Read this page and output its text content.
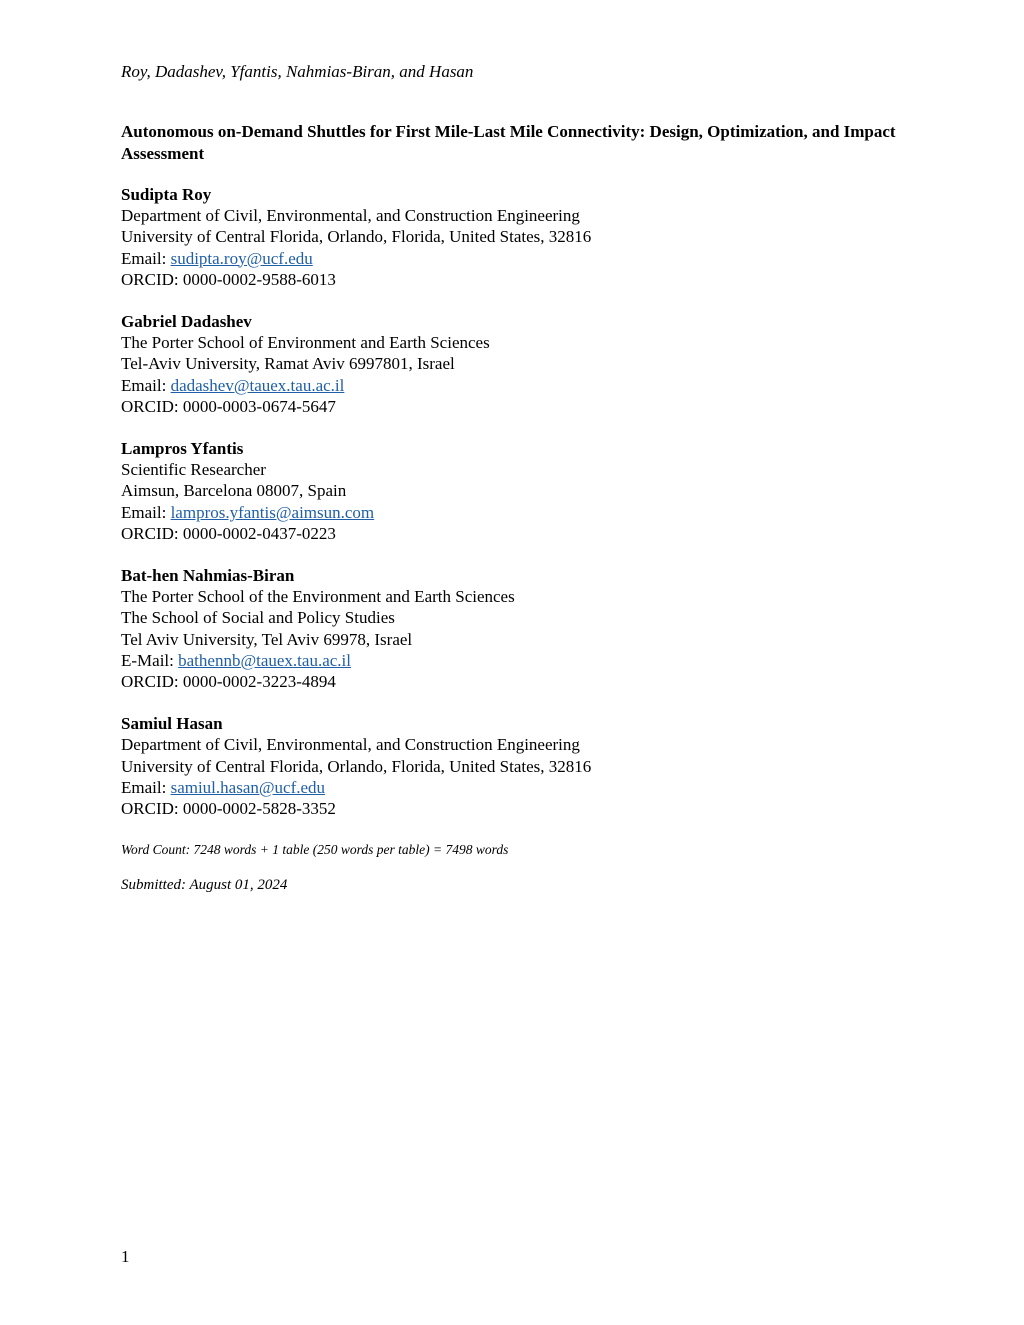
Roy, Dadashev, Yfantis, Nahmias-Biran, and Hasan
Autonomous on-Demand Shuttles for First Mile-Last Mile Connectivity: Design, Optimization, and Impact Assessment
Sudipta Roy
Department of Civil, Environmental, and Construction Engineering
University of Central Florida, Orlando, Florida, United States, 32816
Email: sudipta.roy@ucf.edu
ORCID: 0000-0002-9588-6013
Gabriel Dadashev
The Porter School of Environment and Earth Sciences
Tel-Aviv University, Ramat Aviv 6997801, Israel
Email: dadashev@tauex.tau.ac.il
ORCID: 0000-0003-0674-5647
Lampros Yfantis
Scientific Researcher
Aimsun, Barcelona 08007, Spain
Email: lampros.yfantis@aimsun.com
ORCID: 0000-0002-0437-0223
Bat-hen Nahmias-Biran
The Porter School of the Environment and Earth Sciences
The School of Social and Policy Studies
Tel Aviv University, Tel Aviv 69978, Israel
E-Mail: bathennb@tauex.tau.ac.il
ORCID: 0000-0002-3223-4894
Samiul Hasan
Department of Civil, Environmental, and Construction Engineering
University of Central Florida, Orlando, Florida, United States, 32816
Email: samiul.hasan@ucf.edu
ORCID: 0000-0002-5828-3352
Word Count: 7248 words + 1 table (250 words per table) = 7498 words
Submitted: August 01, 2024
1
